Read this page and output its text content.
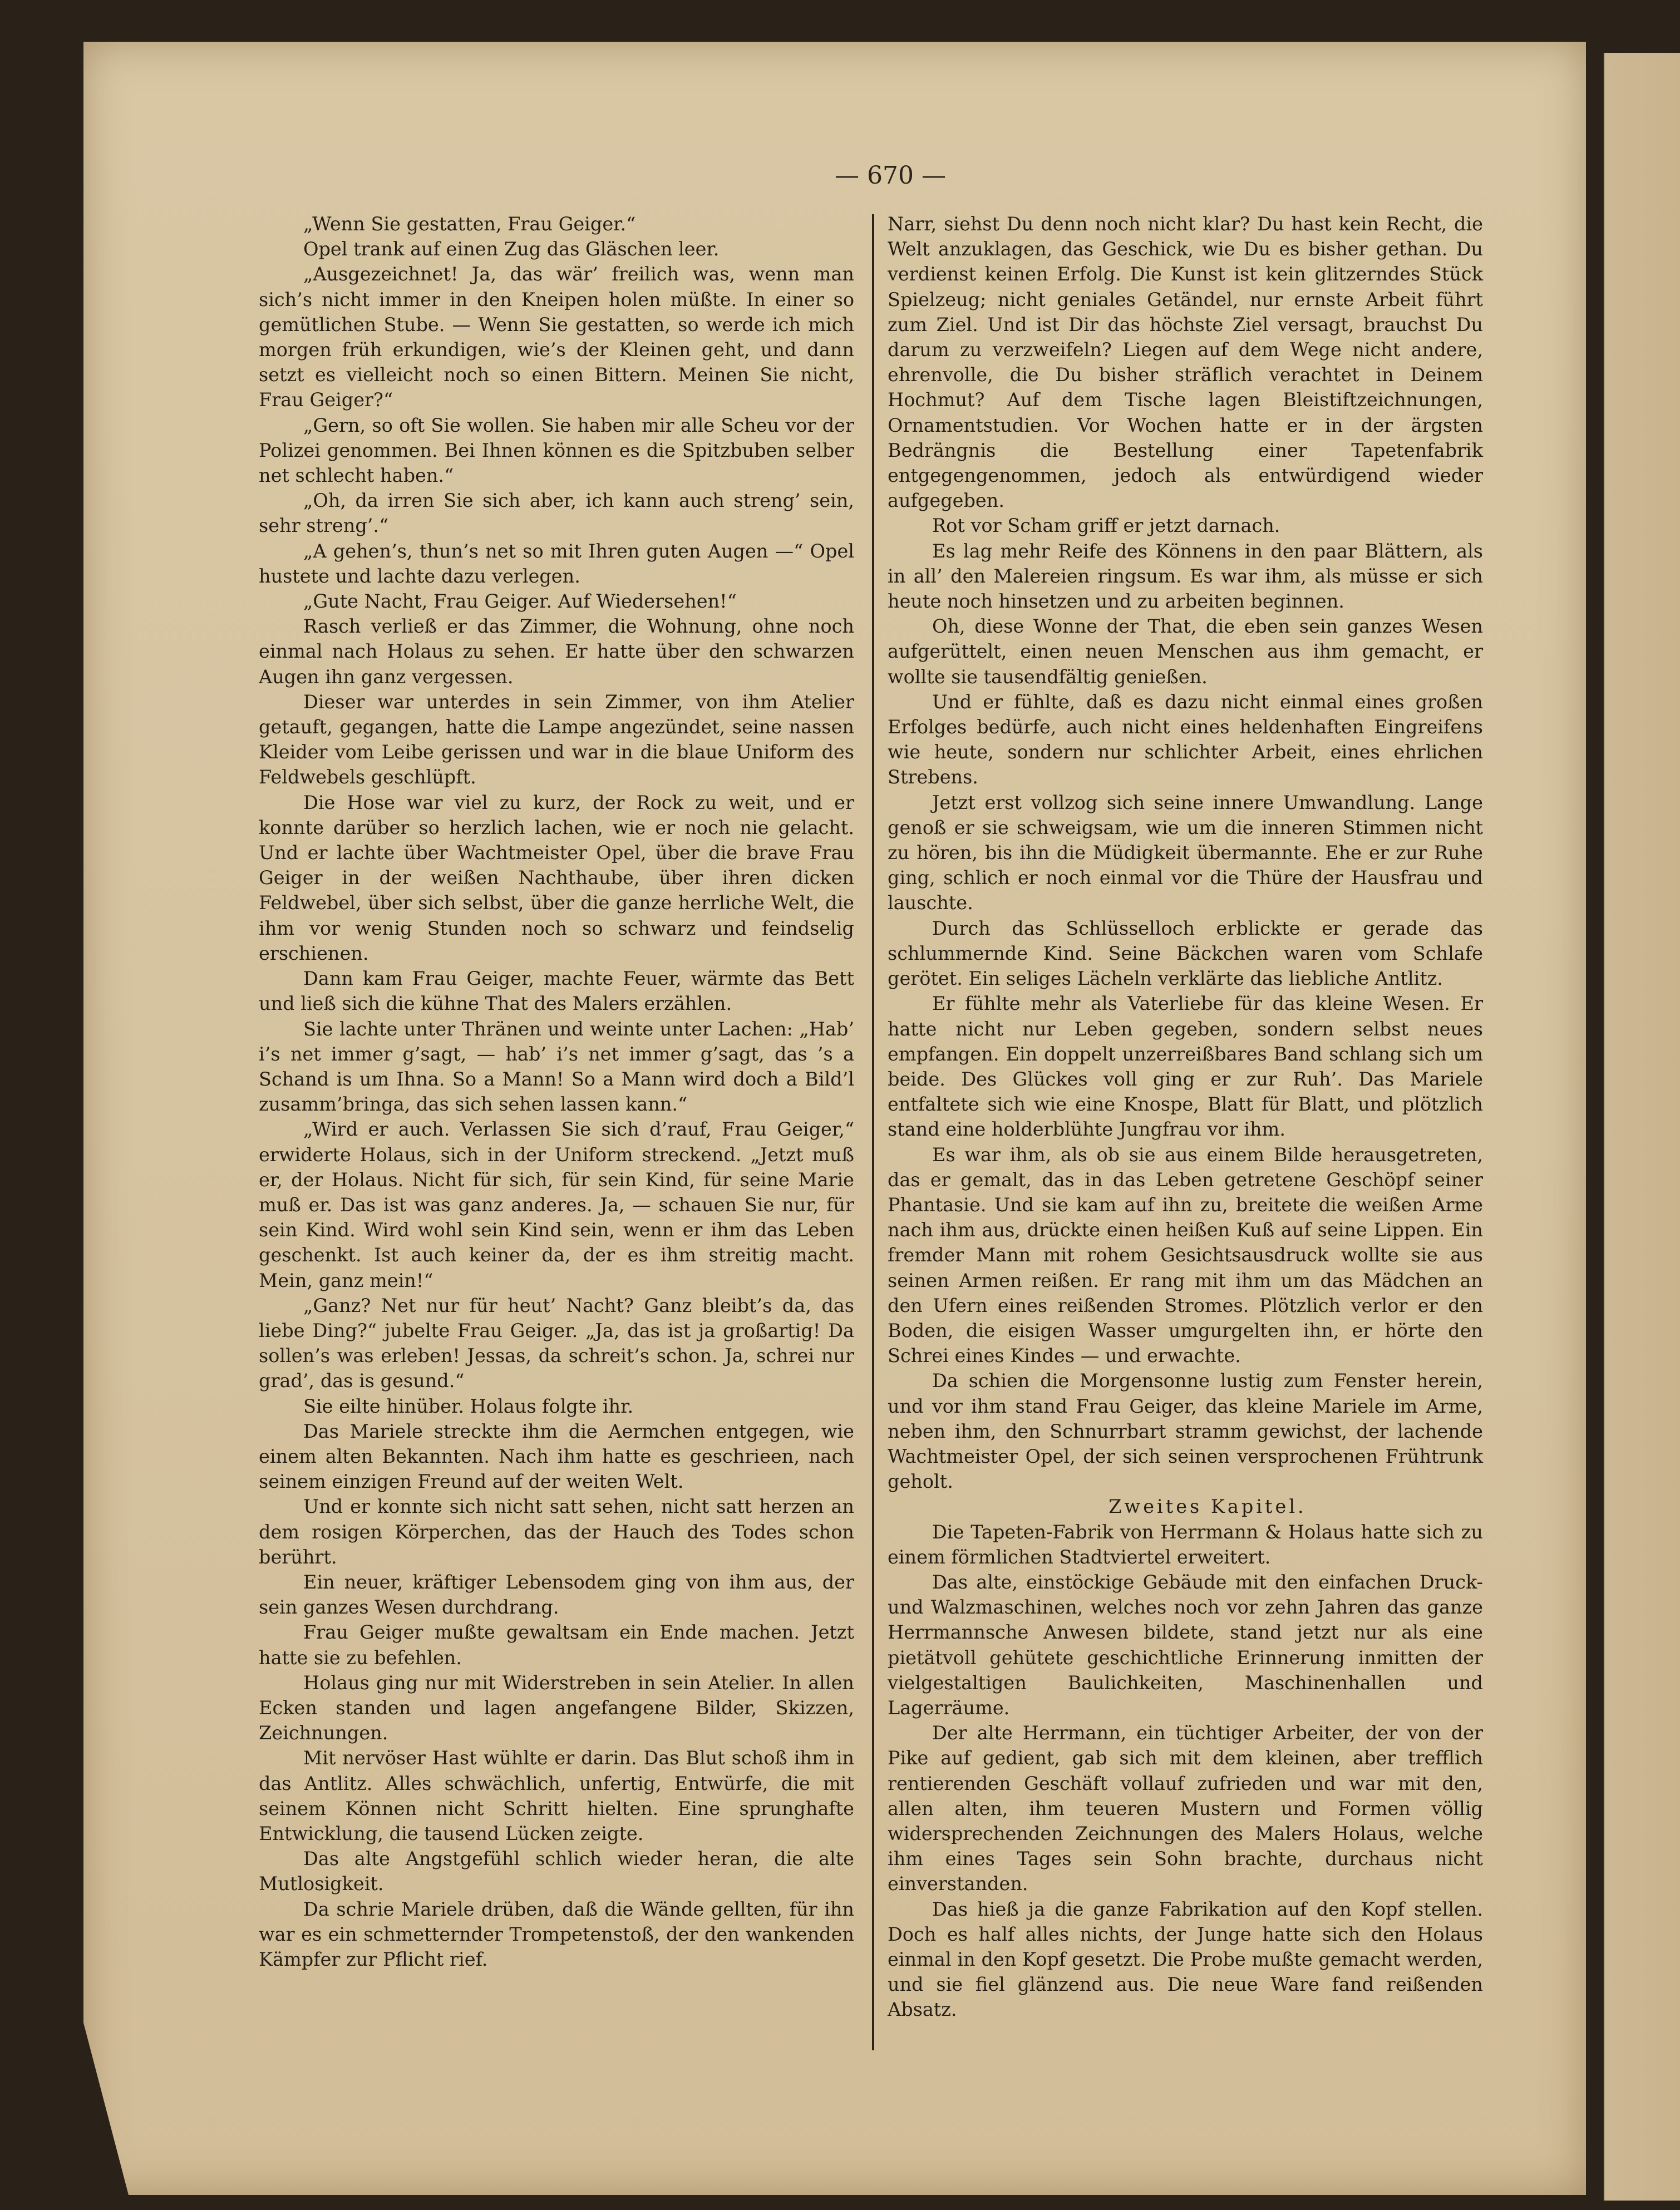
— 670 —

„Wenn Sie gestatten, Frau Geiger.“

Opel trank auf einen Zug das Gläschen leer.

„Ausgezeichnet! Ja, das wär’ freilich was, wenn man sich’s nicht immer in den Kneipen holen müßte. In einer so gemütlichen Stube. — Wenn Sie gestatten, so werde ich mich morgen früh erkundigen, wie’s der Kleinen geht, und dann setzt es vielleicht noch so einen Bittern. Meinen Sie nicht, Frau Geiger?“

„Gern, so oft Sie wollen. Sie haben mir alle Scheu vor der Polizei genommen. Bei Ihnen können es die Spitzbuben selber net schlecht haben.“

„Oh, da irren Sie sich aber, ich kann auch streng’ sein, sehr streng’.“

„A gehen’s, thun’s net so mit Ihren guten Augen —“ Opel hustete und lachte dazu verlegen.

„Gute Nacht, Frau Geiger. Auf Wiedersehen!“

Rasch verließ er das Zimmer, die Wohnung, ohne noch einmal nach Holaus zu sehen. Er hatte über den schwarzen Augen ihn ganz vergessen.

Dieser war unterdes in sein Zimmer, von ihm Atelier getauft, gegangen, hatte die Lampe angezündet, seine nassen Kleider vom Leibe gerissen und war in die blaue Uniform des Feldwebels geschlüpft.

Die Hose war viel zu kurz, der Rock zu weit, und er konnte darüber so herzlich lachen, wie er noch nie gelacht. Und er lachte über Wachtmeister Opel, über die brave Frau Geiger in der weißen Nachthaube, über ihren dicken Feldwebel, über sich selbst, über die ganze herrliche Welt, die ihm vor wenig Stunden noch so schwarz und feindselig erschienen.

Dann kam Frau Geiger, machte Feuer, wärmte das Bett und ließ sich die kühne That des Malers erzählen.

Sie lachte unter Thränen und weinte unter Lachen: „Hab’ i’s net immer g’sagt, — hab’ i’s net immer g’sagt, das ’s a Schand is um Ihna. So a Mann! So a Mann wird doch a Bild’l zusamm’bringa, das sich sehen lassen kann.“

„Wird er auch. Verlassen Sie sich d’rauf, Frau Geiger,“ erwiderte Holaus, sich in der Uniform streckend. „Jetzt muß er, der Holaus. Nicht für sich, für sein Kind, für seine Marie muß er. Das ist was ganz anderes. Ja, — schauen Sie nur, für sein Kind. Wird wohl sein Kind sein, wenn er ihm das Leben geschenkt. Ist auch keiner da, der es ihm streitig macht. Mein, ganz mein!“

„Ganz? Net nur für heut’ Nacht? Ganz bleibt’s da, das liebe Ding?“ jubelte Frau Geiger. „Ja, das ist ja großartig! Da sollen’s was erleben! Jessas, da schreit’s schon. Ja, schrei nur grad’, das is gesund.“

Sie eilte hinüber. Holaus folgte ihr.

Das Mariele streckte ihm die Aermchen entgegen, wie einem alten Bekannten. Nach ihm hatte es geschrieen, nach seinem einzigen Freund auf der weiten Welt.

Und er konnte sich nicht satt sehen, nicht satt herzen an dem rosigen Körperchen, das der Hauch des Todes schon berührt.

Ein neuer, kräftiger Lebensodem ging von ihm aus, der sein ganzes Wesen durchdrang.

Frau Geiger mußte gewaltsam ein Ende machen. Jetzt hatte sie zu befehlen.

Holaus ging nur mit Widerstreben in sein Atelier. In allen Ecken standen und lagen angefangene Bilder, Skizzen, Zeichnungen.

Mit nervöser Hast wühlte er darin. Das Blut schoß ihm in das Antlitz. Alles schwächlich, unfertig, Entwürfe, die mit seinem Können nicht Schritt hielten. Eine sprunghafte Entwicklung, die tausend Lücken zeigte.

Das alte Angstgefühl schlich wieder heran, die alte Mutlosigkeit.

Da schrie Mariele drüben, daß die Wände gellten, für ihn war es ein schmetternder Trompetenstoß, der den wankenden Kämpfer zur Pflicht rief.

Narr, siehst Du denn noch nicht klar? Du hast kein Recht, die Welt anzuklagen, das Geschick, wie Du es bisher gethan. Du verdienst keinen Erfolg. Die Kunst ist kein glitzerndes Stück Spielzeug; nicht geniales Getändel, nur ernste Arbeit führt zum Ziel. Und ist Dir das höchste Ziel versagt, brauchst Du darum zu verzweifeln? Liegen auf dem Wege nicht andere, ehrenvolle, die Du bisher sträflich verachtet in Deinem Hochmut? Auf dem Tische lagen Bleistiftzeichnungen, Ornamentstudien. Vor Wochen hatte er in der ärgsten Bedrängnis die Bestellung einer Tapetenfabrik entgegengenommen, jedoch als entwürdigend wieder aufgegeben.

Rot vor Scham griff er jetzt darnach.

Es lag mehr Reife des Könnens in den paar Blättern, als in all’ den Malereien ringsum. Es war ihm, als müsse er sich heute noch hinsetzen und zu arbeiten beginnen.

Oh, diese Wonne der That, die eben sein ganzes Wesen aufgerüttelt, einen neuen Menschen aus ihm gemacht, er wollte sie tausendfältig genießen.

Und er fühlte, daß es dazu nicht einmal eines großen Erfolges bedürfe, auch nicht eines heldenhaften Eingreifens wie heute, sondern nur schlichter Arbeit, eines ehrlichen Strebens.

Jetzt erst vollzog sich seine innere Umwandlung. Lange genoß er sie schweigsam, wie um die inneren Stimmen nicht zu hören, bis ihn die Müdigkeit übermannte. Ehe er zur Ruhe ging, schlich er noch einmal vor die Thüre der Hausfrau und lauschte.

Durch das Schlüsselloch erblickte er gerade das schlummernde Kind. Seine Bäckchen waren vom Schlafe gerötet. Ein seliges Lächeln verklärte das liebliche Antlitz.

Er fühlte mehr als Vaterliebe für das kleine Wesen. Er hatte nicht nur Leben gegeben, sondern selbst neues empfangen. Ein doppelt unzerreißbares Band schlang sich um beide. Des Glückes voll ging er zur Ruh’. Das Mariele entfaltete sich wie eine Knospe, Blatt für Blatt, und plötzlich stand eine holderblühte Jungfrau vor ihm.

Es war ihm, als ob sie aus einem Bilde herausgetreten, das er gemalt, das in das Leben getretene Geschöpf seiner Phantasie. Und sie kam auf ihn zu, breitete die weißen Arme nach ihm aus, drückte einen heißen Kuß auf seine Lippen. Ein fremder Mann mit rohem Gesichtsausdruck wollte sie aus seinen Armen reißen. Er rang mit ihm um das Mädchen an den Ufern eines reißenden Stromes. Plötzlich verlor er den Boden, die eisigen Wasser umgurgelten ihn, er hörte den Schrei eines Kindes — und erwachte.

Da schien die Morgensonne lustig zum Fenster herein, und vor ihm stand Frau Geiger, das kleine Mariele im Arme, neben ihm, den Schnurrbart stramm gewichst, der lachende Wachtmeister Opel, der sich seinen versprochenen Frühtrunk geholt.

Zweites Kapitel.

Die Tapeten-Fabrik von Herrmann & Holaus hatte sich zu einem förmlichen Stadtviertel erweitert.

Das alte, einstöckige Gebäude mit den einfachen Druck- und Walzmaschinen, welches noch vor zehn Jahren das ganze Herrmannsche Anwesen bildete, stand jetzt nur als eine pietätvoll gehütete geschichtliche Erinnerung inmitten der vielgestaltigen Baulichkeiten, Maschinenhallen und Lagerräume.

Der alte Herrmann, ein tüchtiger Arbeiter, der von der Pike auf gedient, gab sich mit dem kleinen, aber trefflich rentierenden Geschäft vollauf zufrieden und war mit den, allen alten, ihm teueren Mustern und Formen völlig widersprechenden Zeichnungen des Malers Holaus, welche ihm eines Tages sein Sohn brachte, durchaus nicht einverstanden.

Das hieß ja die ganze Fabrikation auf den Kopf stellen. Doch es half alles nichts, der Junge hatte sich den Holaus einmal in den Kopf gesetzt. Die Probe mußte gemacht werden, und sie fiel glänzend aus. Die neue Ware fand reißenden Absatz.
